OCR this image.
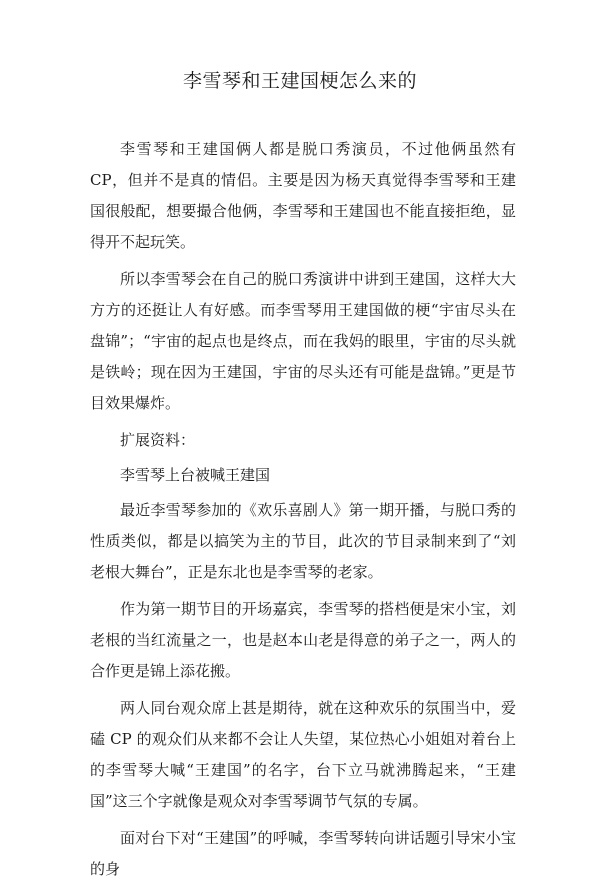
李雪琴和王建国梗怎么来的

李雪琴和王建国俩人都是脱口秀演员，不过他俩虽然有 CP，但并不是真的情侣。主要是因为杨天真觉得李雪琴和王建国很般配，想要撮合他俩，李雪琴和王建国也不能直接拒绝，显得开不起玩笑。

所以李雪琴会在自己的脱口秀演讲中讲到王建国，这样大大方方的还挺让人有好感。而李雪琴用王建国做的梗“宇宙尽头在盘锦”；“宇宙的起点也是终点，而在我妈的眼里，宇宙的尽头就是铁岭；现在因为王建国，宇宙的尽头还有可能是盘锦。”更是节目效果爆炸。

扩展资料：

李雪琴上台被喊王建国

最近李雪琴参加的《欢乐喜剧人》第一期开播，与脱口秀的性质类似，都是以搞笑为主的节目，此次的节目录制来到了“刘老根大舞台”，正是东北也是李雪琴的老家。

作为第一期节目的开场嘉宾，李雪琴的搭档便是宋小宝，刘老根的当红流量之一，也是赵本山老是得意的弟子之一，两人的合作更是锦上添花搬。

两人同台观众席上甚是期待，就在这种欢乐的氛围当中，爱磕 CP 的观众们从来都不会让人失望，某位热心小姐姐对着台上的李雪琴大喊“王建国”的名字，台下立马就沸腾起来，“王建国”这三个字就像是观众对李雪琴调节气氛的专属。

面对台下对“王建国”的呼喊，李雪琴转向讲话题引导宋小宝的身
